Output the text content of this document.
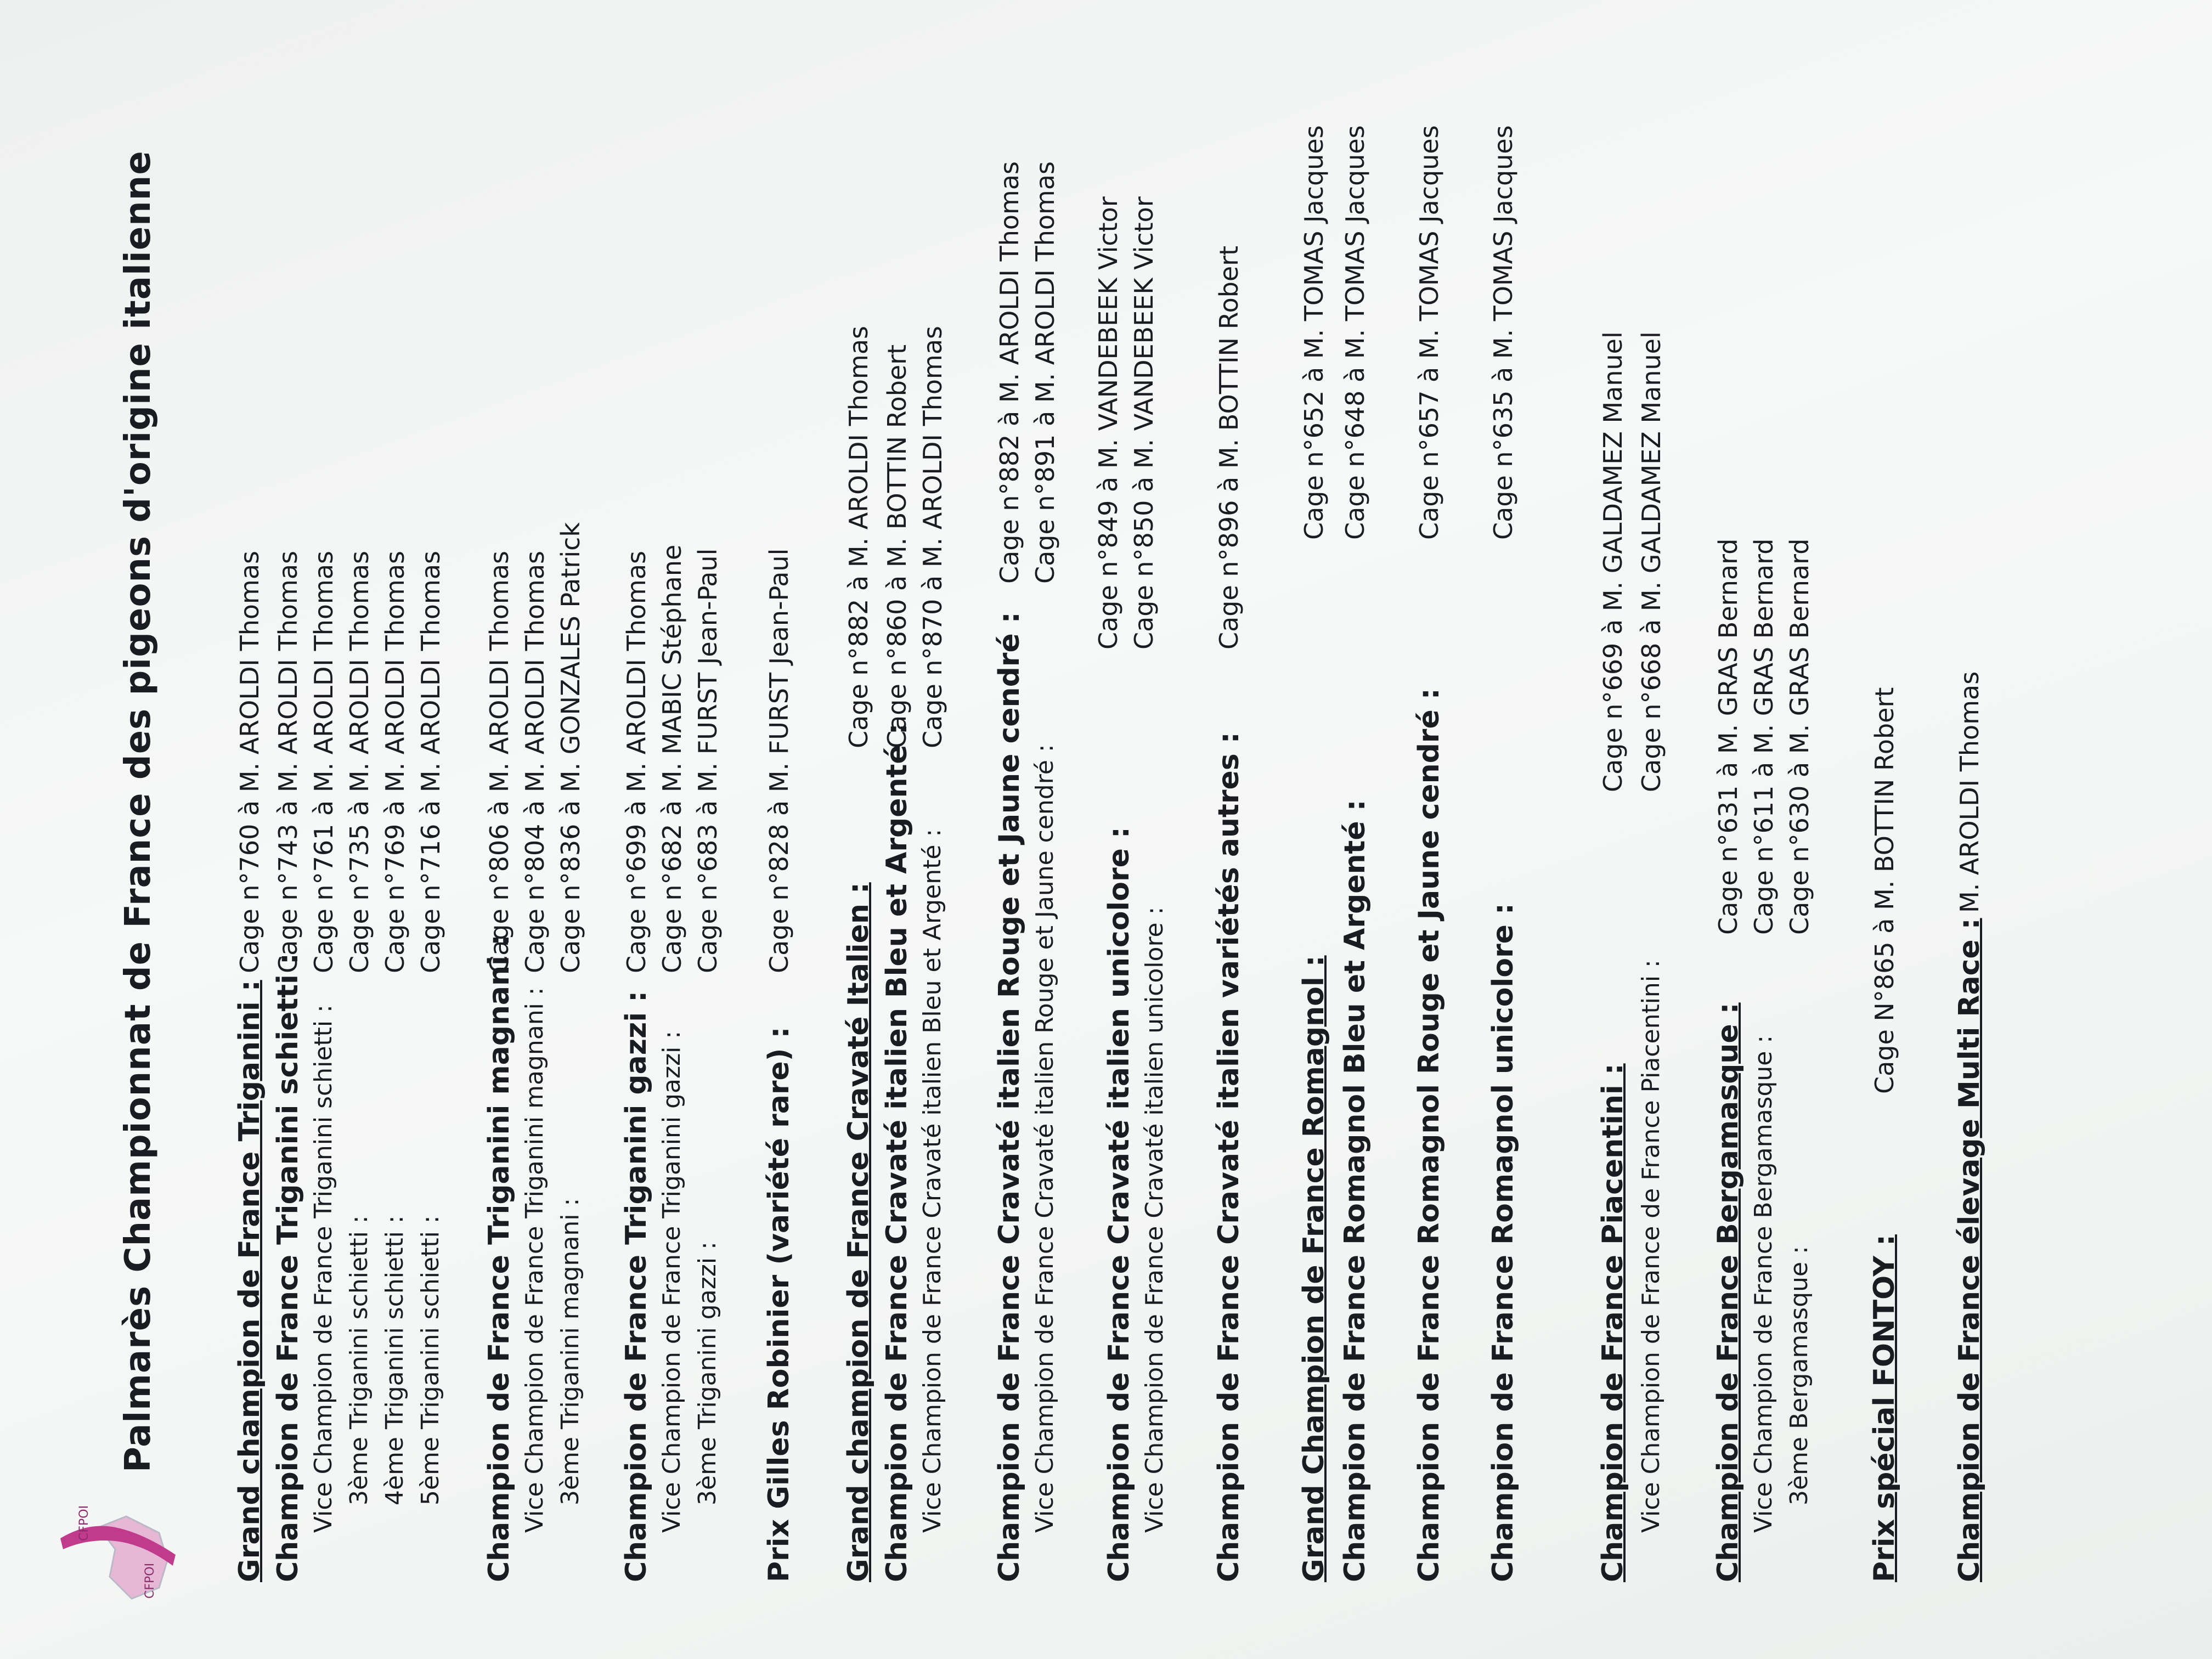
CFPOI
CFPOI
Palmarès Championnat de France des pigeons d'origine italienne	Grand champion de France Triganini :
Cage n°760 à M. AROLDI Thomas
Champion de France Triganini schietti :
Cage n°743 à M. AROLDI Thomas
Vice Champion de France Triganini schietti :
Cage n°761 à M. AROLDI Thomas
3ème Triganini schietti :
Cage n°735 à M. AROLDI Thomas
4ème Triganini schietti :
Cage n°769 à M. AROLDI Thomas
5ème Triganini schietti :
Cage n°716 à M. AROLDI Thomas
Champion de France Triganini magnani :
Cage n°806 à M. AROLDI Thomas
Vice Champion de France Triganini magnani :
Cage n°804 à M. AROLDI Thomas
3ème Triganini magnani :
Cage n°836 à M. GONZALES Patrick
Champion de France Triganini gazzi :
Cage n°699 à M. AROLDI Thomas
Vice Champion de France Triganini gazzi :
Cage n°682 à M. MABIC Stéphane
3ème Triganini gazzi :
Cage n°683 à M. FURST Jean-Paul
Prix Gilles Robinier (variété rare) :
Cage n°828 à M. FURST Jean-Paul
Grand champion de France Cravaté Italien : Champion de France Cravaté italien Bleu et Argenté :
Cage n°882 à M. AROLDI Thomas
Vice Champion de France Cravaté italien Bleu et Argenté :
Cage n°860 à M. BOTTIN Robert Cage n°870 à M. AROLDI Thomas
Champion de France Cravaté italien Rouge et Jaune cendré :
Cage n°882 à M. AROLDI Thomas
Vice Champion de France Cravaté italien Rouge et Jaune cendré :
Cage n°891 à M. AROLDI Thomas
Champion de France Cravaté italien unicolore :
Cage n°849 à M. VANDEBEEK Victor
Vice Champion de France Cravaté italien unicolore :
Cage n°850 à M. VANDEBEEK Victor
Champion de France Cravaté italien variétés autres :
Cage n°896 à M. BOTTIN Robert
Grand Champion de France Romagnol :
Cage n°652 à M. TOMAS Jacques
Champion de France Romagnol Bleu et Argenté :
Cage n°648 à M. TOMAS Jacques
Champion de France Romagnol Rouge et Jaune cendré :
Cage n°657 à M. TOMAS Jacques
Champion de France Romagnol unicolore :
Cage n°635 à M. TOMAS Jacques
Champion de France Piacentini :
Cage n°669 à M. GALDAMEZ Manuel
Vice Champion de France de France Piacentini :
Cage n°668 à M. GALDAMEZ Manuel
Champion de France Bergamasque :
Cage n°631 à M. GRAS Bernard
Vice Champion de France Bergamasque :
Cage n°611 à M. GRAS Bernard
3ème Bergamasque :
Cage n°630 à M. GRAS Bernard
Prix spécial FONTOY :
Cage N°865 à M. BOTTIN Robert
Champion de France élevage Multi Race :
M. AROLDI Thomas
